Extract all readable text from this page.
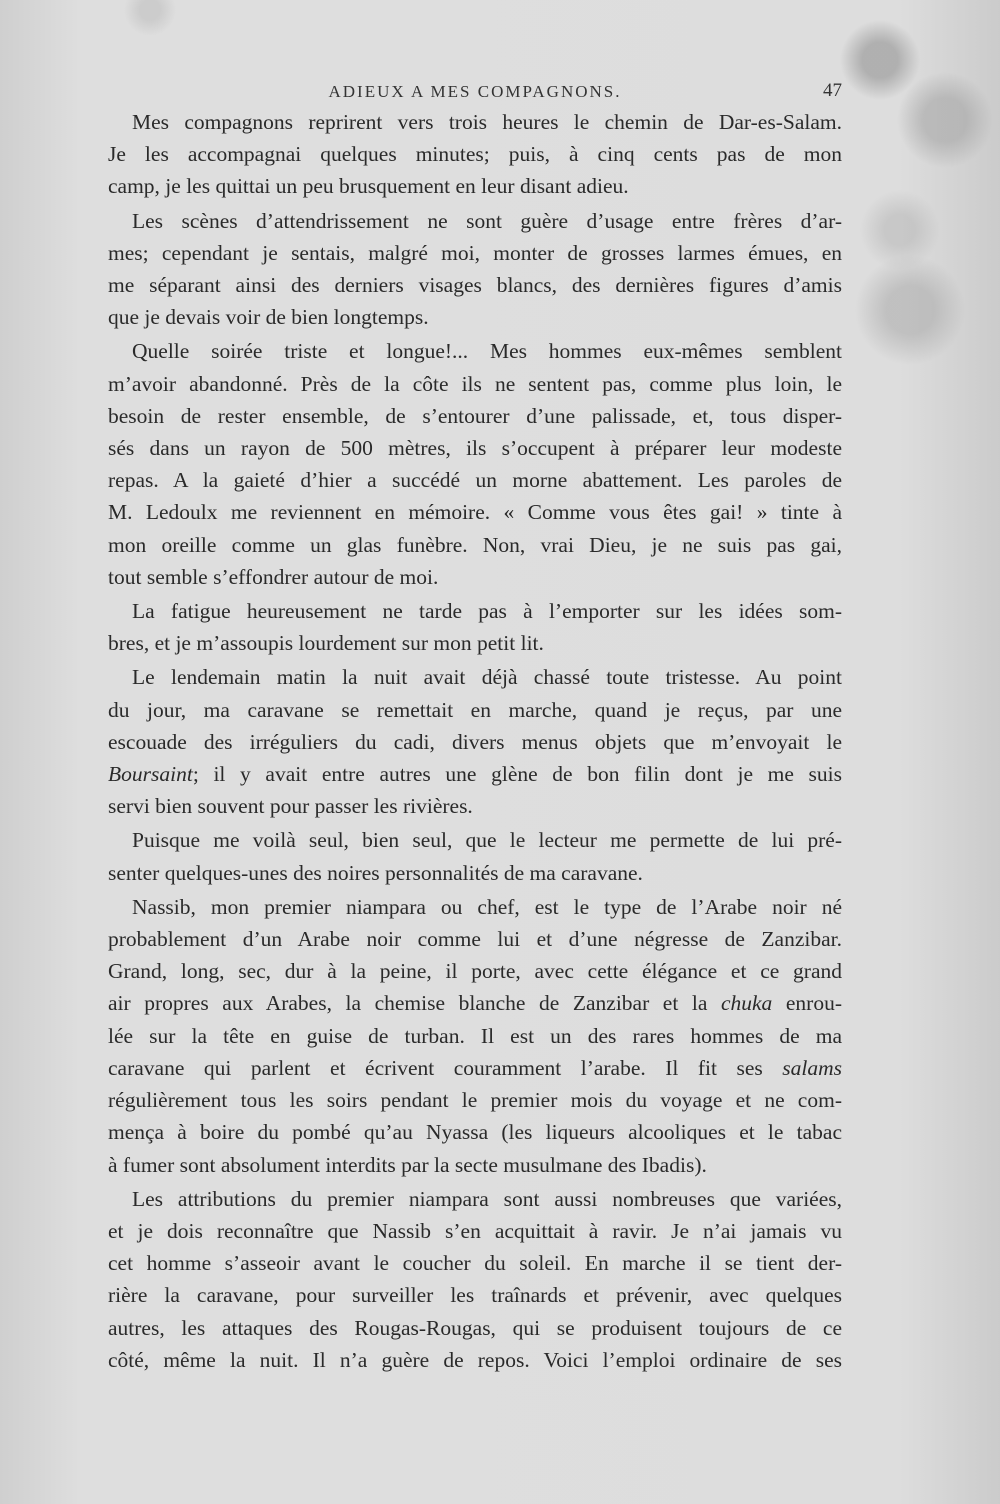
ADIEUX A MES COMPAGNONS.	47
Mes compagnons reprirent vers trois heures le chemin de Dar-es-Salam.
Je les accompagnai quelques minutes; puis, à cinq cents pas de mon
camp, je les quittai un peu brusquement en leur disant adieu.
Les scènes d’attendrissement ne sont guère d’usage entre frères d’ar-
mes; cependant je sentais, malgré moi, monter de grosses larmes émues, en
me séparant ainsi des derniers visages blancs, des dernières figures d’amis
que je devais voir de bien longtemps.
Quelle soirée triste et longue!... Mes hommes eux-mêmes semblent
m’avoir abandonné. Près de la côte ils ne sentent pas, comme plus loin, le
besoin de rester ensemble, de s’entourer d’une palissade, et, tous disper-
sés dans un rayon de 500 mètres, ils s’occupent à préparer leur modeste
repas. A la gaieté d’hier a succédé un morne abattement. Les paroles de
M. Ledoulx me reviennent en mémoire. « Comme vous êtes gai! » tinte à
mon oreille comme un glas funèbre. Non, vrai Dieu, je ne suis pas gai,
tout semble s’effondrer autour de moi.
La fatigue heureusement ne tarde pas à l’emporter sur les idées som-
bres, et je m’assoupis lourdement sur mon petit lit.
Le lendemain matin la nuit avait déjà chassé toute tristesse. Au point
du jour, ma caravane se remettait en marche, quand je reçus, par une
escouade des irréguliers du cadi, divers menus objets que m’envoyait le
Boursaint; il y avait entre autres une glène de bon filin dont je me suis
servi bien souvent pour passer les rivières.
Puisque me voilà seul, bien seul, que le lecteur me permette de lui pré-
senter quelques-unes des noires personnalités de ma caravane.
Nassib, mon premier niampara ou chef, est le type de l’Arabe noir né
probablement d’un Arabe noir comme lui et d’une négresse de Zanzibar.
Grand, long, sec, dur à la peine, il porte, avec cette élégance et ce grand
air propres aux Arabes, la chemise blanche de Zanzibar et la chuka enrou-
lée sur la tête en guise de turban. Il est un des rares hommes de ma
caravane qui parlent et écrivent couramment l’arabe. Il fit ses salams
régulièrement tous les soirs pendant le premier mois du voyage et ne com-
mença à boire du pombé qu’au Nyassa (les liqueurs alcooliques et le tabac
à fumer sont absolument interdits par la secte musulmane des Ibadis).
Les attributions du premier niampara sont aussi nombreuses que variées,
et je dois reconnaître que Nassib s’en acquittait à ravir. Je n’ai jamais vu
cet homme s’asseoir avant le coucher du soleil. En marche il se tient der-
rière la caravane, pour surveiller les traînards et prévenir, avec quelques
autres, les attaques des Rougas-Rougas, qui se produisent toujours de ce
côté, même la nuit. Il n’a guère de repos. Voici l’emploi ordinaire de ses
